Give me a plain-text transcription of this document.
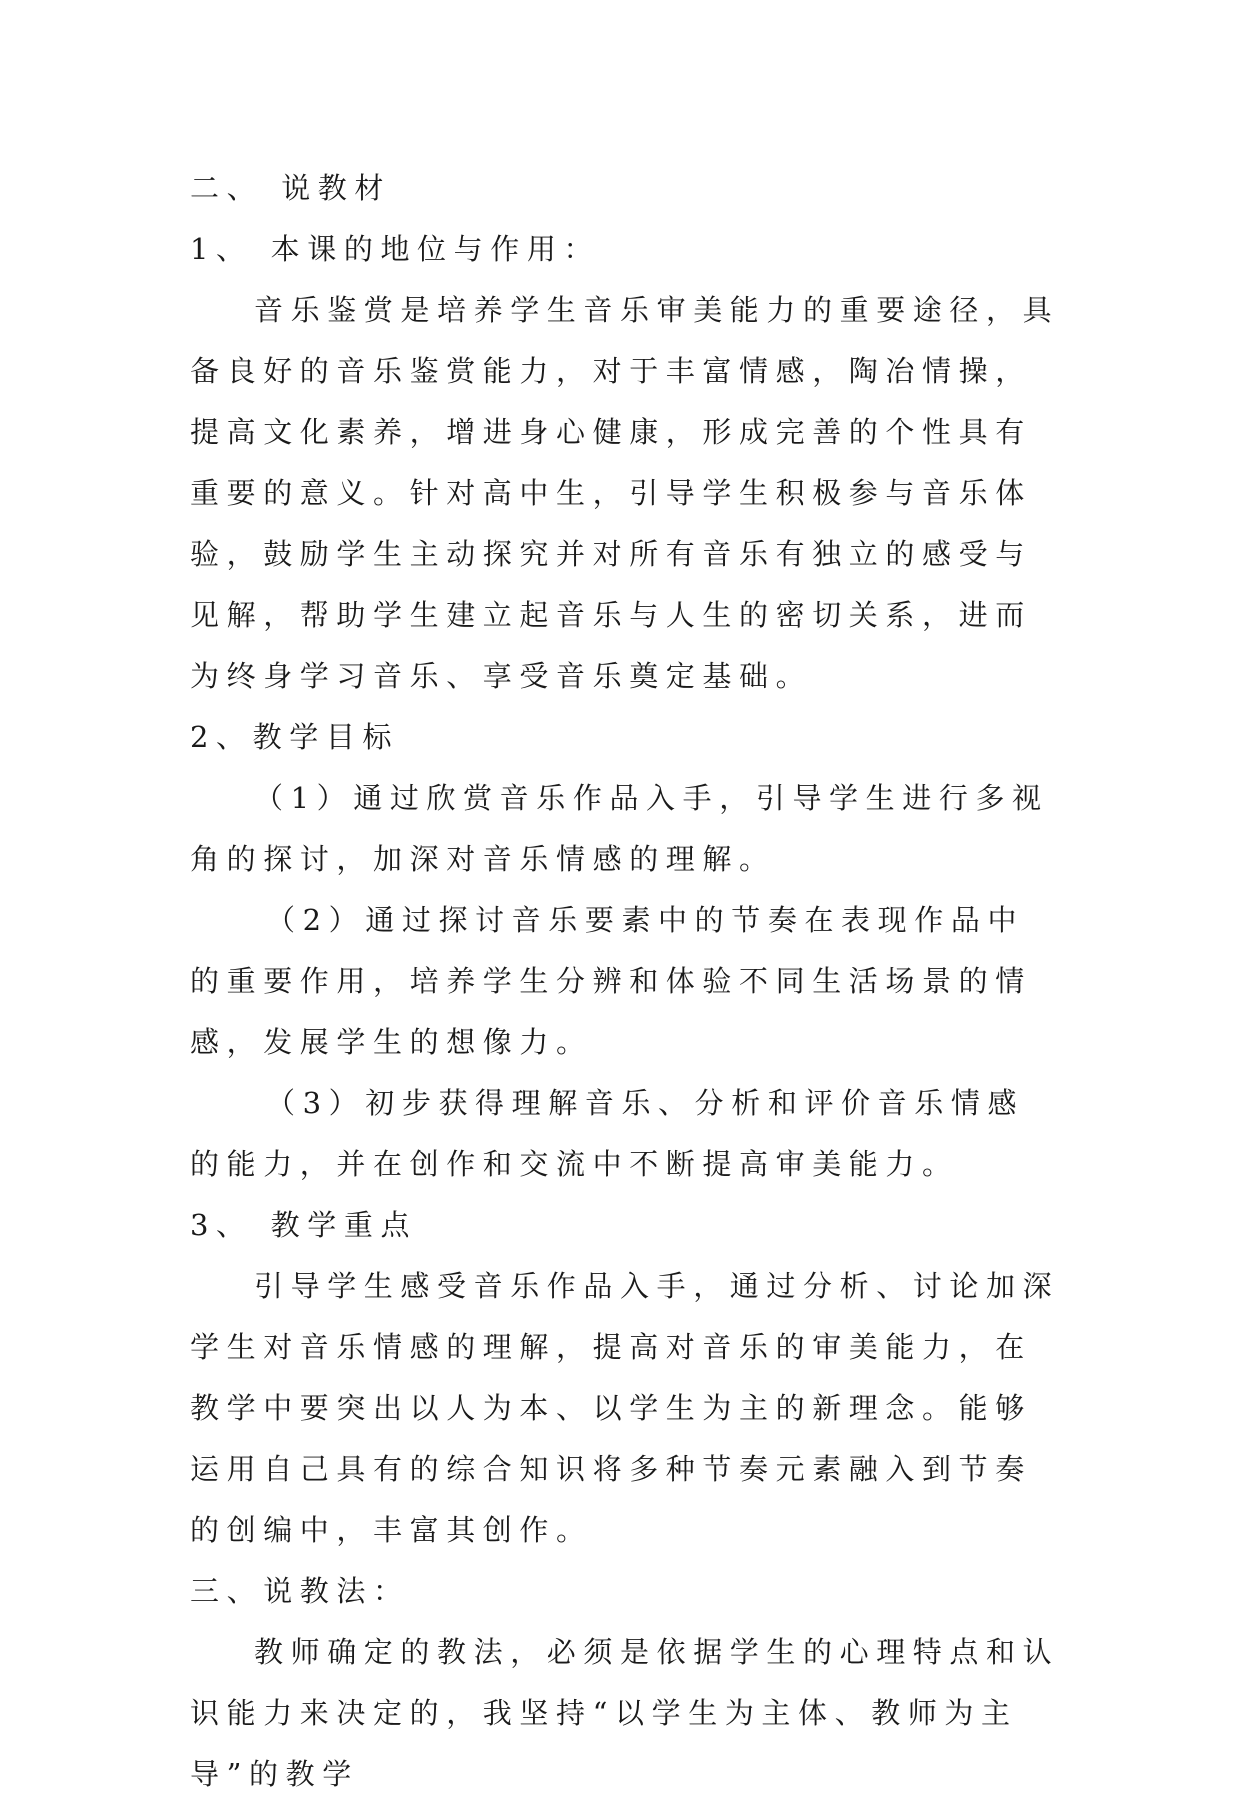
二、 说教材

1、 本课的地位与作用：

音乐鉴赏是培养学生音乐审美能力的重要途径，具备良好的音乐鉴赏能力，对于丰富情感，陶冶情操，提高文化素养，增进身心健康，形成完善的个性具有重要的意义。针对高中生，引导学生积极参与音乐体验，鼓励学生主动探究并对所有音乐有独立的感受与见解，帮助学生建立起音乐与人生的密切关系，进而为终身学习音乐、享受音乐奠定基础。

2、教学目标

（1）通过欣赏音乐作品入手，引导学生进行多视角的探讨，加深对音乐情感的理解。

（2）通过探讨音乐要素中的节奏在表现作品中的重要作用，培养学生分辨和体验不同生活场景的情感，发展学生的想像力。

（3）初步获得理解音乐、分析和评价音乐情感的能力，并在创作和交流中不断提高审美能力。

3、 教学重点

引导学生感受音乐作品入手，通过分析、讨论加深学生对音乐情感的理解，提高对音乐的审美能力，在教学中要突出以人为本、以学生为主的新理念。能够运用自己具有的综合知识将多种节奏元素融入到节奏的创编中，丰富其创作。

三、说教法：

教师确定的教法，必须是依据学生的心理特点和认识能力来决定的，我坚持“以学生为主体、教师为主导”的教学
